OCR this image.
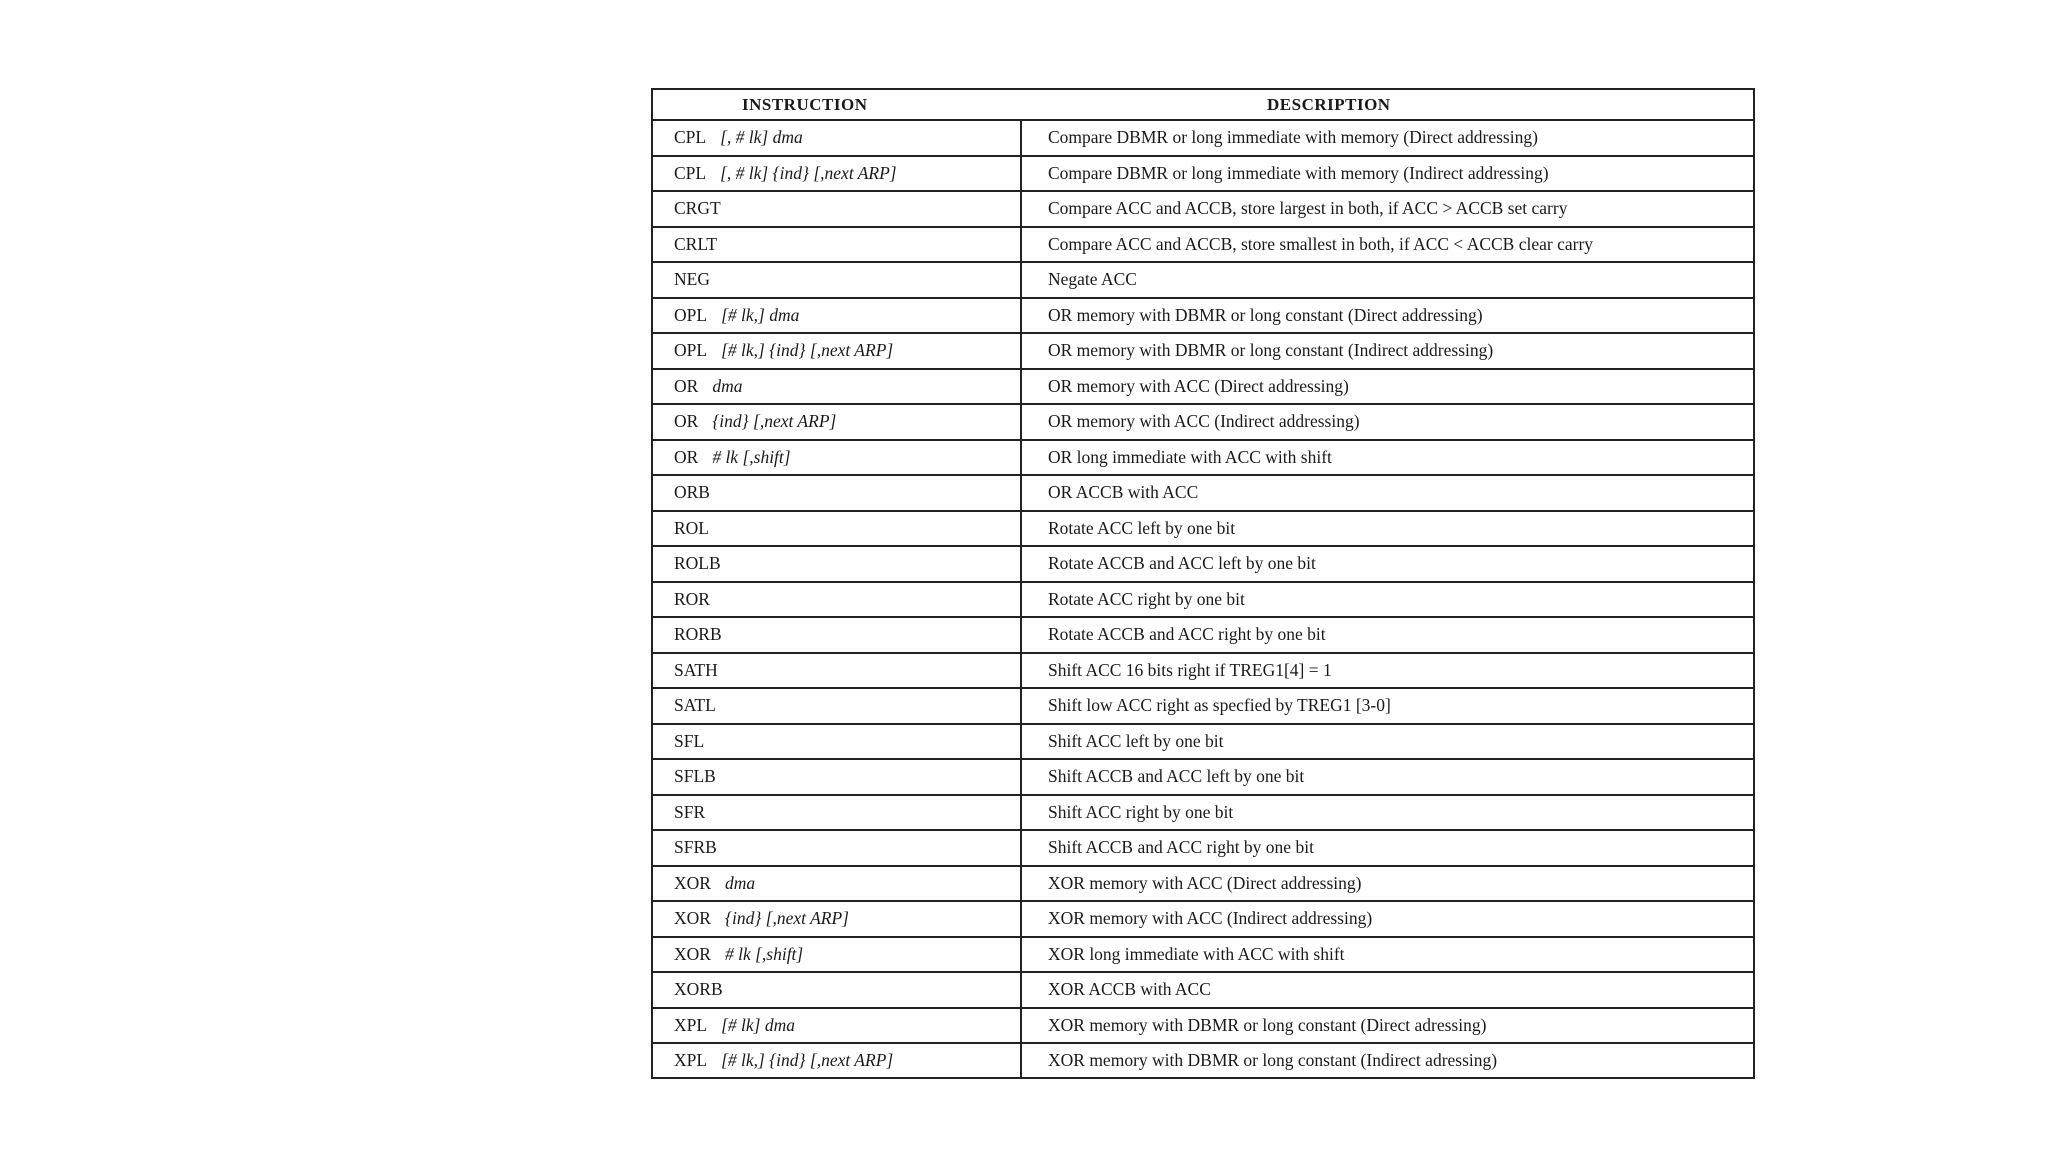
INSTRUCTION	DESCRIPTION
CPL [, # lk] dma	Compare DBMR or long immediate with memory (Direct addressing)
CPL [, # lk] {ind} [,next ARP]	Compare DBMR or long immediate with memory (Indirect addressing)
CRGT	Compare ACC and ACCB, store largest in both, if ACC > ACCB set carry
CRLT	Compare ACC and ACCB, store smallest in both, if ACC < ACCB clear carry
NEG	Negate ACC
OPL [# lk,] dma	OR memory with DBMR or long constant (Direct addressing)
OPL [# lk,] {ind} [,next ARP]	OR memory with DBMR or long constant (Indirect addressing)
OR dma	OR memory with ACC (Direct addressing)
OR {ind} [,next ARP]	OR memory with ACC (Indirect addressing)
OR # lk [,shift]	OR long immediate with ACC with shift
ORB	OR ACCB with ACC
ROL	Rotate ACC left by one bit
ROLB	Rotate ACCB and ACC left by one bit
ROR	Rotate ACC right by one bit
RORB	Rotate ACCB and ACC right by one bit
SATH	Shift ACC 16 bits right if TREG1[4] = 1
SATL	Shift low ACC right as specfied by TREG1 [3-0]
SFL	Shift ACC left by one bit
SFLB	Shift ACCB and ACC left by one bit
SFR	Shift ACC right by one bit
SFRB	Shift ACCB and ACC right by one bit
XOR dma	XOR memory with ACC (Direct addressing)
XOR {ind} [,next ARP]	XOR memory with ACC (Indirect addressing)
XOR # lk [,shift]	XOR long immediate with ACC with shift
XORB	XOR ACCB with ACC
XPL [# lk] dma	XOR memory with DBMR or long constant (Direct adressing)
XPL [# lk,] {ind} [,next ARP]	XOR memory with DBMR or long constant (Indirect adressing)
